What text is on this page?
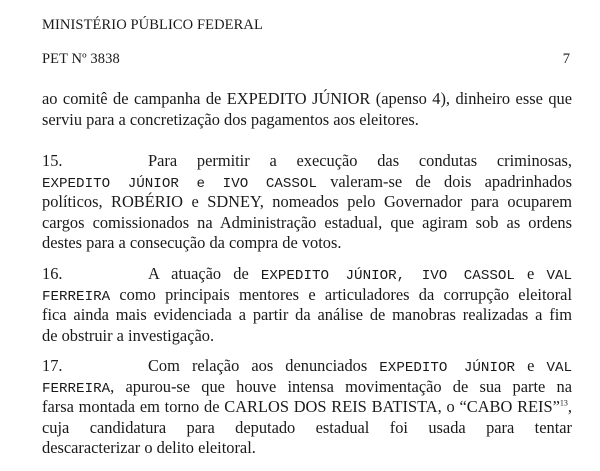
MINISTÉRIO PÚBLICO FEDERAL
PET Nº 3838	7
ao comitê de campanha de EXPEDITO JÚNIOR (apenso 4), dinheiro esse que
serviu para a concretização dos pagamentos aos eleitores.
15.	Para permitir a execução das condutas criminosas,
EXPEDITO JÚNIOR e IVO CASSOL valeram-se de dois apadrinhados
políticos, ROBÉRIO e SDNEY, nomeados pelo Governador para ocuparem
cargos comissionados na Administração estadual, que agiram sob as ordens
destes para a consecução da compra de votos.
16.	A atuação de EXPEDITO JÚNIOR, IVO CASSOL e VAL
FERREIRA como principais mentores e articuladores da corrupção eleitoral
fica ainda mais evidenciada a partir da análise de manobras realizadas a fim
de obstruir a investigação.
17.	Com relação aos denunciados EXPEDITO JÚNIOR e VAL
FERREIRA, apurou-se que houve intensa movimentação de sua parte na
farsa montada em torno de CARLOS DOS REIS BATISTA, o “CABO REIS”$^{13}$,
cuja candidatura para deputado estadual foi usada para tentar
descaracterizar o delito eleitoral.
